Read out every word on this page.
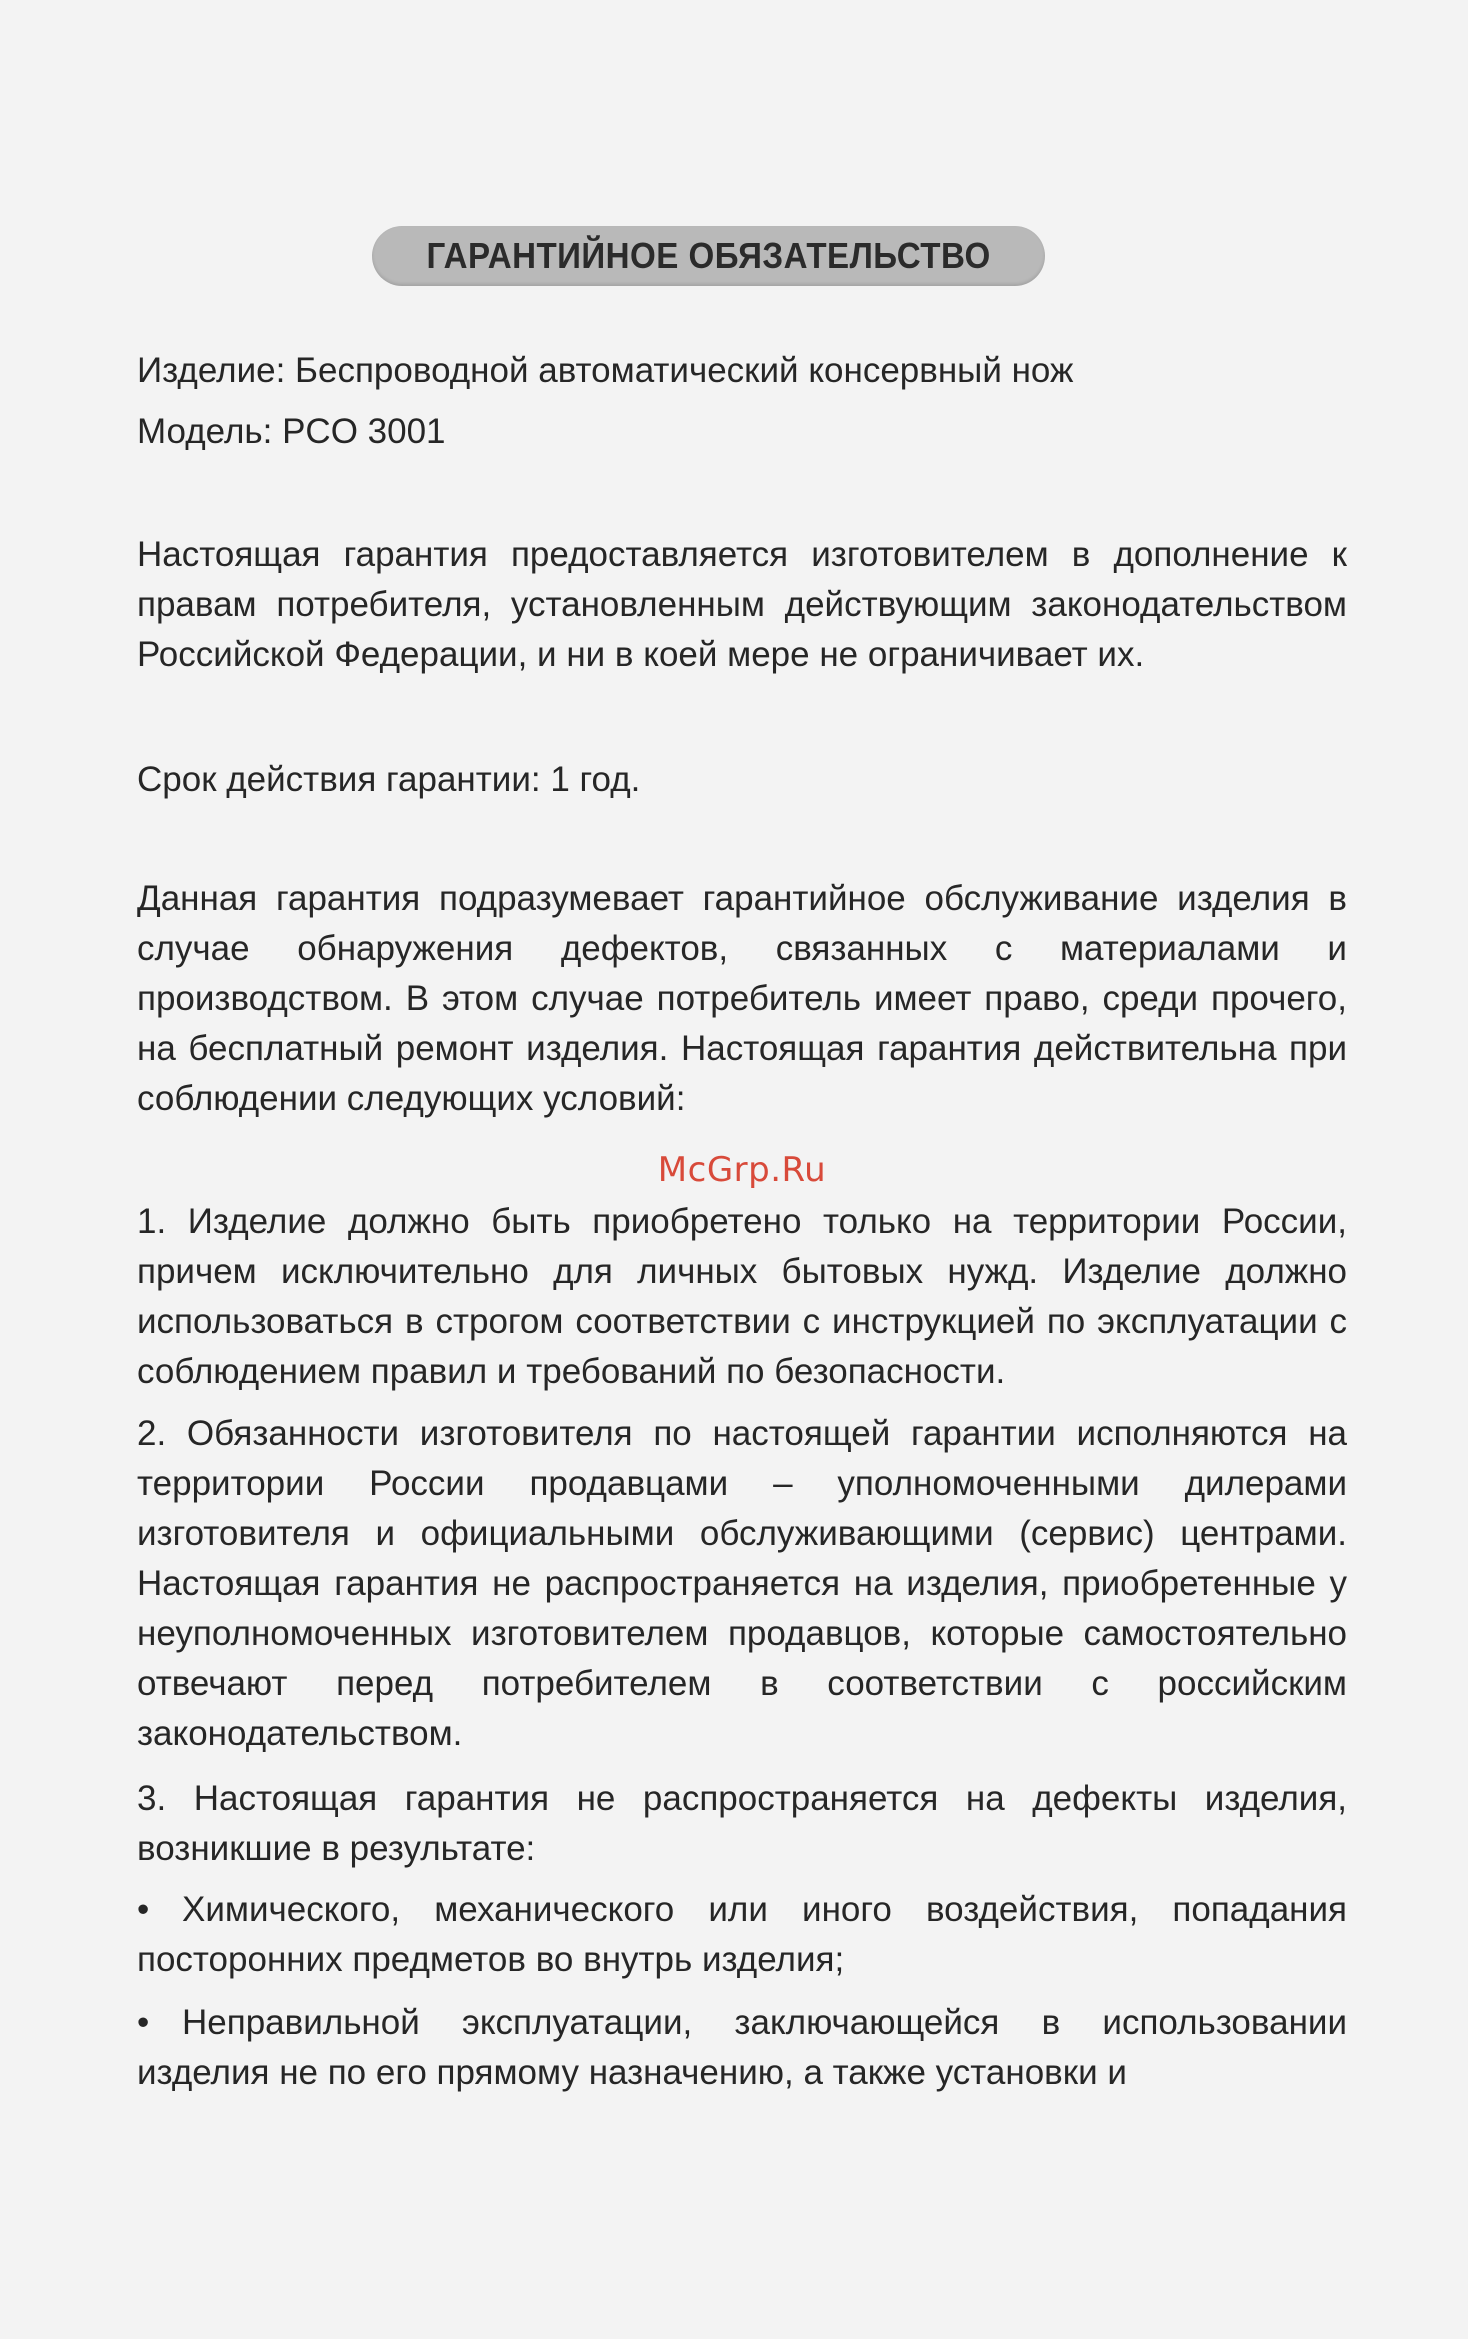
ГАРАНТИЙНОЕ ОБЯЗАТЕЛЬСТВО

Изделие: Беспроводной автоматический консервный нож

Модель: PCO 3001

Настоящая гарантия предоставляется изготовителем в дополнение к правам потребителя, установленным действующим законодательством Российской Федерации, и ни в коей мере не ограничивает их.

Срок действия гарантии: 1 год.

Данная гарантия подразумевает гарантийное обслуживание изделия в случае обнаружения дефектов, связанных с материалами и производством. В этом случае потребитель имеет право, среди прочего, на бесплатный ремонт изделия. Настоящая гарантия действительна при соблюдении следующих условий:

McGrp.Ru

1. Изделие должно быть приобретено только на территории России, причем исключительно для личных бытовых нужд. Изделие должно использоваться в строгом соответствии с инструкцией по эксплуатации с соблюдением правил и требований по безопасности.

2. Обязанности изготовителя по настоящей гарантии исполняются на территории России продавцами – уполномоченными дилерами изготовителя и официальными обслуживающими (сервис) центрами. Настоящая гарантия не распространяется на изделия, приобретенные у неуполномоченных изготовителем продавцов, которые самостоятельно отвечают перед потребителем в соответствии с российским законодательством.

3. Настоящая гарантия не распространяется на дефекты изделия, возникшие в результате:

• Химического, механического или иного воздействия, попадания посторонних предметов во внутрь изделия;

• Неправильной эксплуатации, заключающейся в использовании изделия не по его прямому назначению, а также установки и
